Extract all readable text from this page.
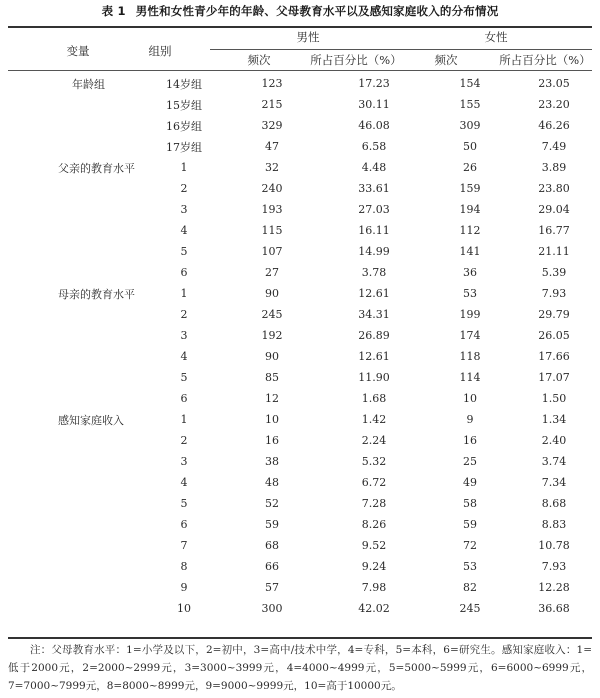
表 1 男性和女性青少年的年龄、父母教育水平以及感知家庭收入的分布情况
变量	组别
男性	女性
频次	所占百分比（%）	频次	所占百分比（%）
年龄组	14岁组	123	17.23	154	23.05
	15岁组	215	30.11	155	23.20
	16岁组	329	46.08	309	46.26
	17岁组	47	6.58	50	7.49
父亲的教育水平	1	32	4.48	26	3.89
	2	240	33.61	159	23.80
	3	193	27.03	194	29.04
	4	115	16.11	112	16.77
	5	107	14.99	141	21.11
	6	27	3.78	36	5.39
母亲的教育水平	1	90	12.61	53	7.93
	2	245	34.31	199	29.79
	3	192	26.89	174	26.05
	4	90	12.61	118	17.66
	5	85	11.90	114	17.07
	6	12	1.68	10	1.50
感知家庭收入	1	10	1.42	9	1.34
	2	16	2.24	16	2.40
	3	38	5.32	25	3.74
	4	48	6.72	49	7.34
	5	52	7.28	58	8.68
	6	59	8.26	59	8.83
	7	68	9.52	72	10.78
	8	66	9.24	53	7.93
	9	57	7.98	82	12.28
	10	300	42.02	245	36.68
注：父母教育水平：1=小学及以下，2=初中，3=高中/技术中学，4=专科，5=本科，6=研究生。感知家庭收入：1=低于2000元，2=2000~2999元，3=3000~3999元，4=4000~4999元，5=5000~5999元，6=6000~6999元，7=7000~7999元，8=8000~8999元，9=9000~9999元，10=高于10000元。
